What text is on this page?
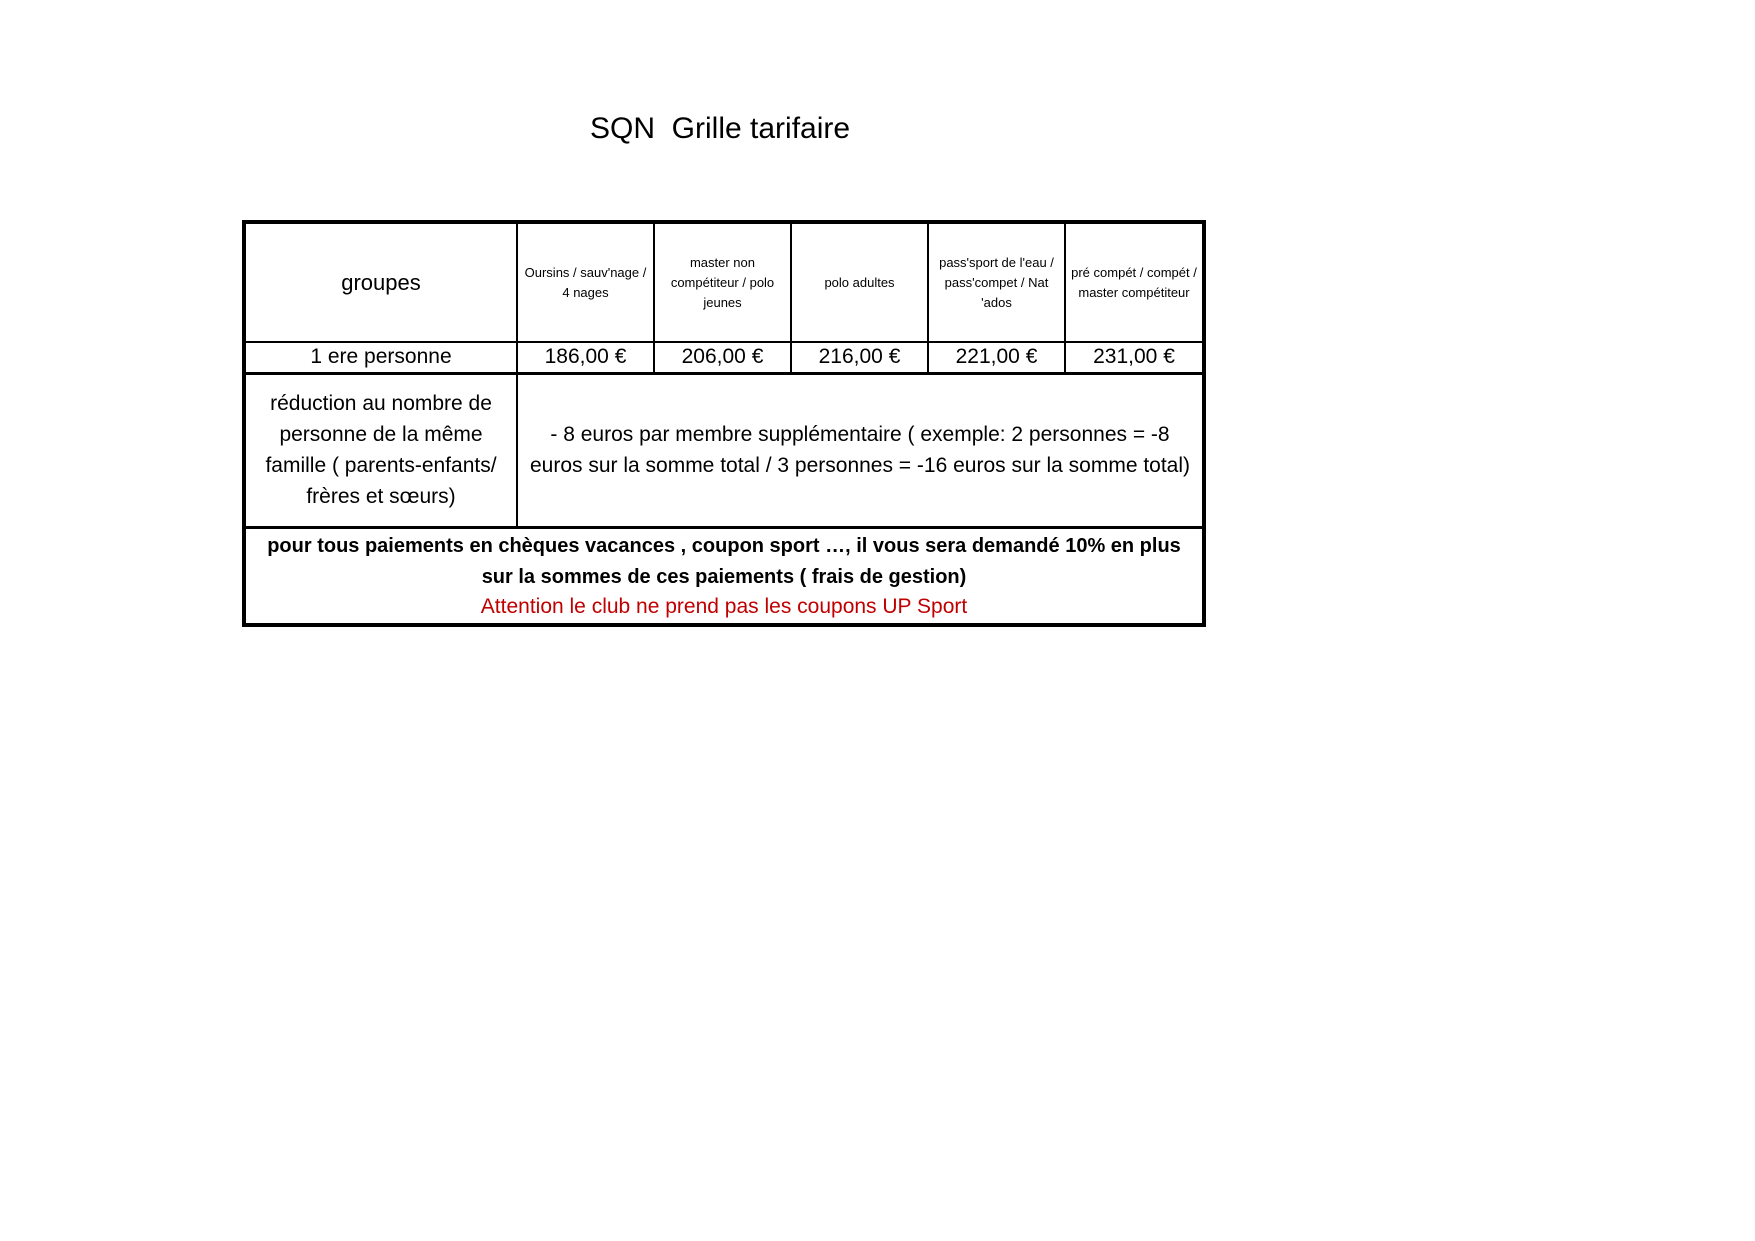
SQN  Grille tarifaire
groupes	Oursins / sauv'nage / 4 nages	master non compétiteur / polo jeunes	polo adultes	pass'sport de l'eau / pass'compet / Nat 'ados	pré compét / compét / master compétiteur
1 ere personne	186,00 €	206,00 €	216,00 €	221,00 €	231,00 €
réduction au nombre de personne de la même famille ( parents-enfants/ frères et sœurs)	- 8 euros par membre supplémentaire ( exemple: 2 personnes = -8 euros sur la somme total / 3 personnes = -16 euros sur la somme total)				

pour tous paiements en chèques vacances , coupon sport …, il vous sera demandé 10% en plus sur la sommes de ces paiements ( frais de gestion)
Attention le club ne prend pas les coupons UP Sport					
